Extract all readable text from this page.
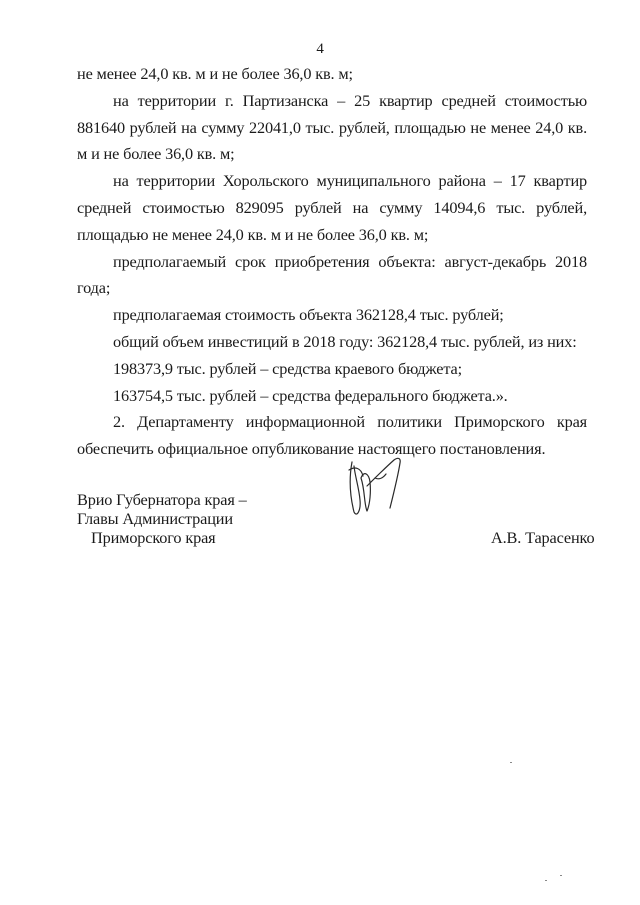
4

не менее 24,0 кв. м и не более 36,0 кв. м;

на территории г. Партизанска – 25 квартир средней стоимостью 881640 рублей на сумму 22041,0 тыс. рублей, площадью не менее 24,0 кв. м и не более 36,0 кв. м;

на территории Хорольского муниципального района – 17 квартир средней стоимостью 829095 рублей на сумму 14094,6 тыс. рублей, площадью не менее 24,0 кв. м и не более 36,0 кв. м;

предполагаемый срок приобретения объекта: август-декабрь 2018 года;

предполагаемая стоимость объекта 362128,4 тыс. рублей;

общий объем инвестиций в 2018 году: 362128,4 тыс. рублей, из них:

198373,9 тыс. рублей – средства краевого бюджета;

163754,5 тыс. рублей – средства федерального бюджета.».

2. Департаменту информационной политики Приморского края обеспечить официальное опубликование настоящего постановления.

Врио Губернатора края –
Главы Администрации
Приморского края	А.В. Тарасенко
